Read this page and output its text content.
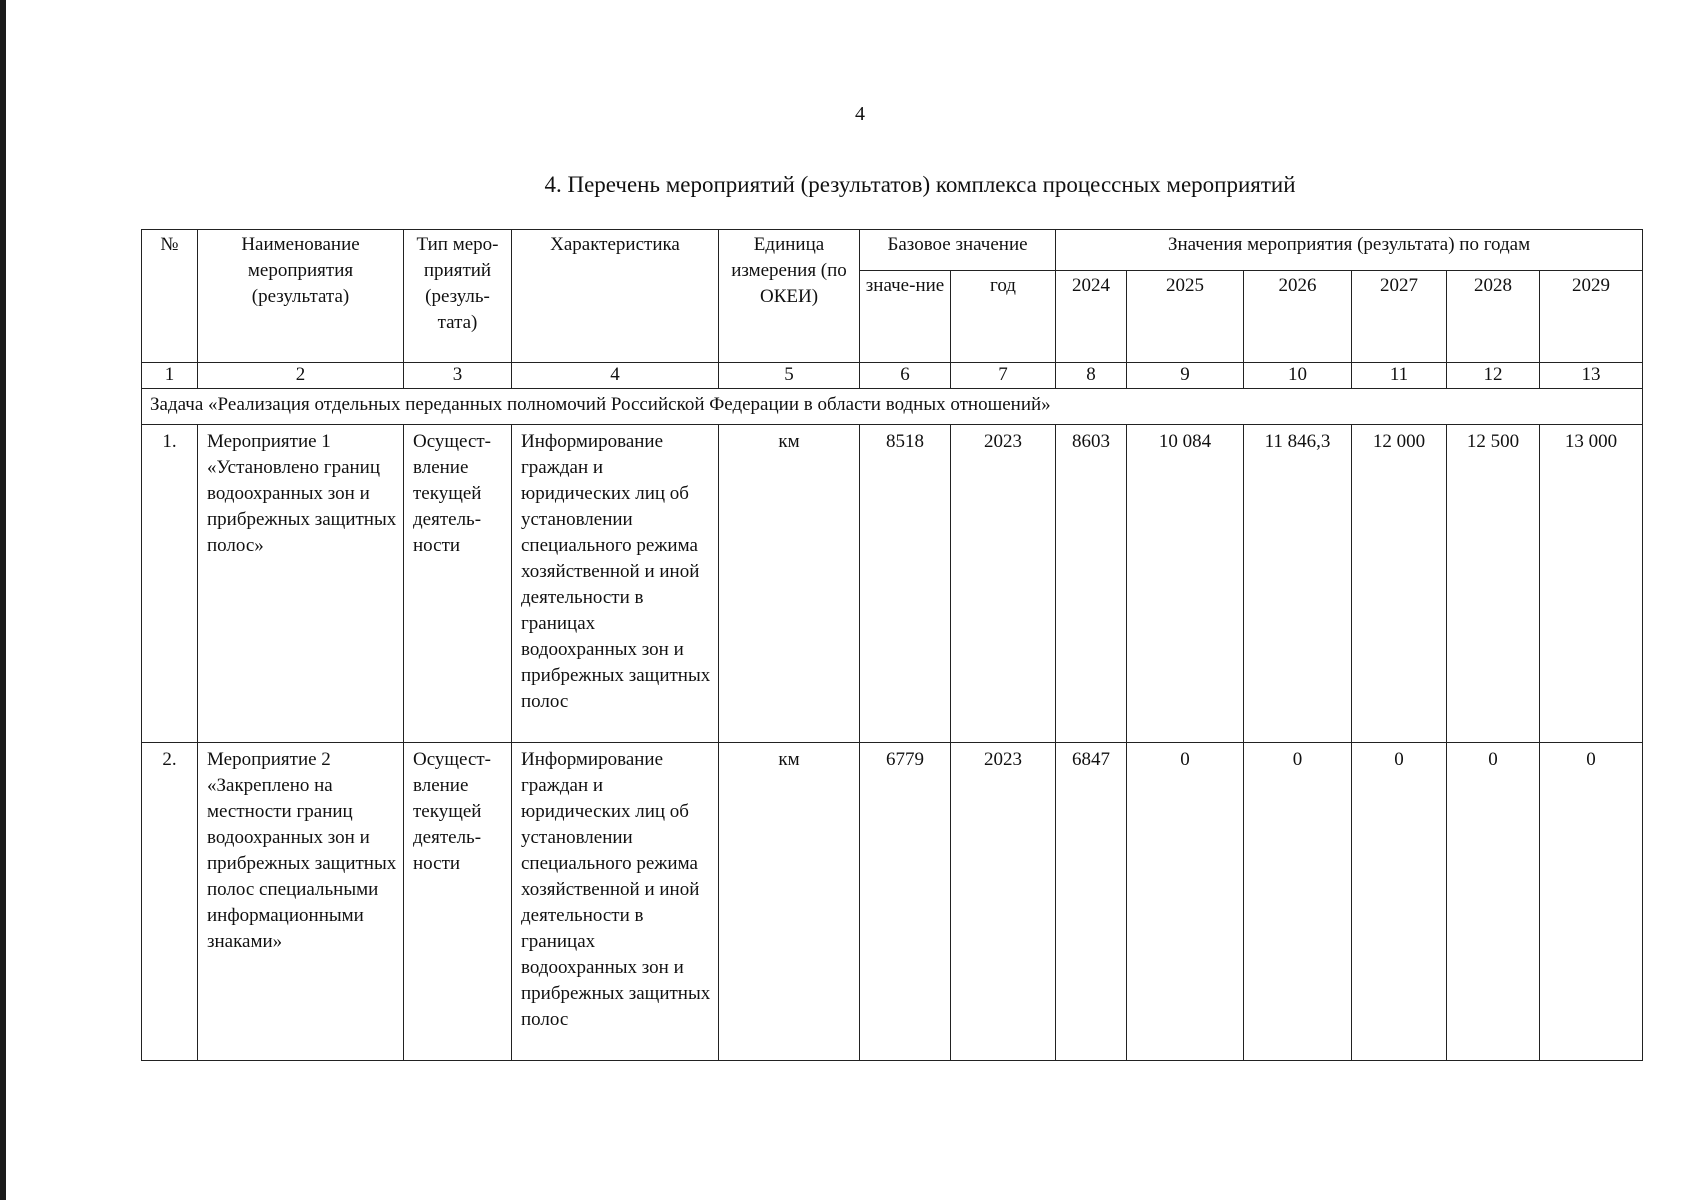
4
4. Перечень мероприятий (результатов) комплекса процессных мероприятий
№	Наименование мероприятия (результата)	Тип меро-приятий (резуль-тата)	Характеристика	Единица измерения (по ОКЕИ)	Базовое значение		Значения мероприятия (результата) по годам					
					значе-ние	год	2024	2025	2026	2027	2028	2029
1	2	3	4	5	6	7	8	9	10	11	12	13
Задача «Реализация отдельных переданных полномочий Российской Федерации в области водных отношений»												
1.	Мероприятие 1 «Установлено границ водоохранных зон и прибрежных защитных полос»	Осущест-вление текущей деятель-ности	Информирование граждан и юридических лиц об установлении специального режима хозяйственной и иной деятельности в границах водоохранных зон и прибрежных защитных полос	км	8518	2023	8603	10 084	11 846,3	12 000	12 500	13 000
2.	Мероприятие 2 «Закреплено на местности границ водоохранных зон и прибрежных защитных полос специальными информационными знаками»	Осущест-вление текущей деятель-ности	Информирование граждан и юридических лиц об установлении специального режима хозяйственной и иной деятельности в границах водоохранных зон и прибрежных защитных полос	км	6779	2023	6847	0	0	0	0	0
